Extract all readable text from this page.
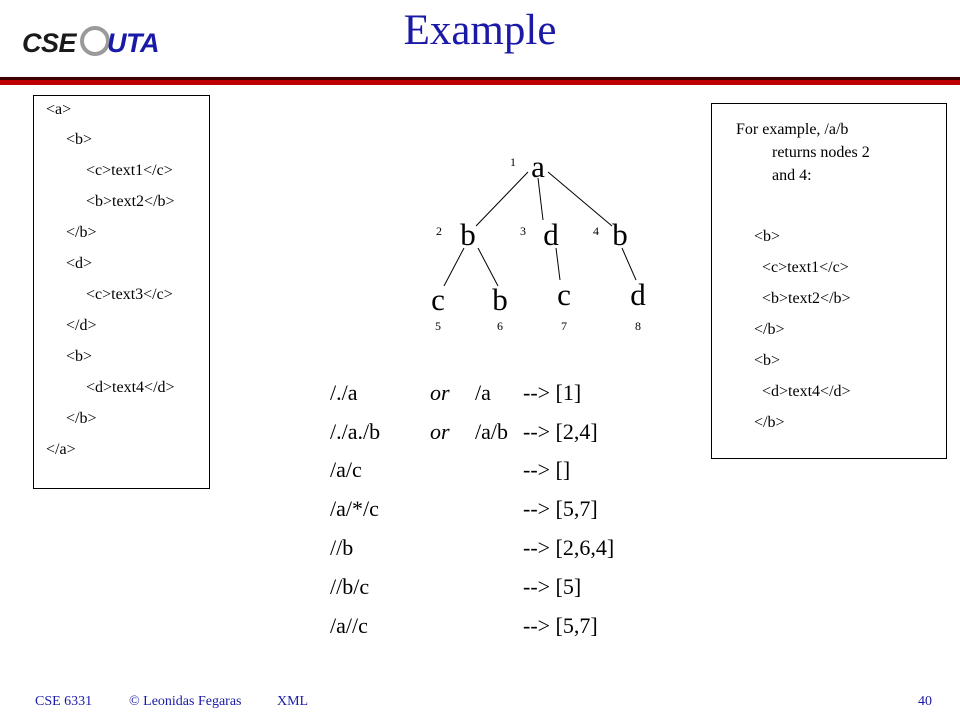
CSE UTA	Example
<a>
<b>
<c>text1</c>
<b>text2</b>
</b>
<d>
<c>text3</c>
</d>
<b>
<d>text4</d>
</b>
</a>
a
b d b
c b c d
1
2	3	4
5	6	7	8
/./a	or /a --> [1]
/./a./b or /a/b --> [2,4]
/a/c	--> []
/a/*/c	--> [5,7]
//b	--> [2,6,4]
//b/c	--> [5]
/a//c	--> [5,7]
For example, /a/b
returns nodes 2
and 4:
<b>
<c>text1</c>
<b>text2</b>
</b>
<b>
<d>text4</d>
</b>
CSE 6331	© Leonidas Fegaras	XML	40
